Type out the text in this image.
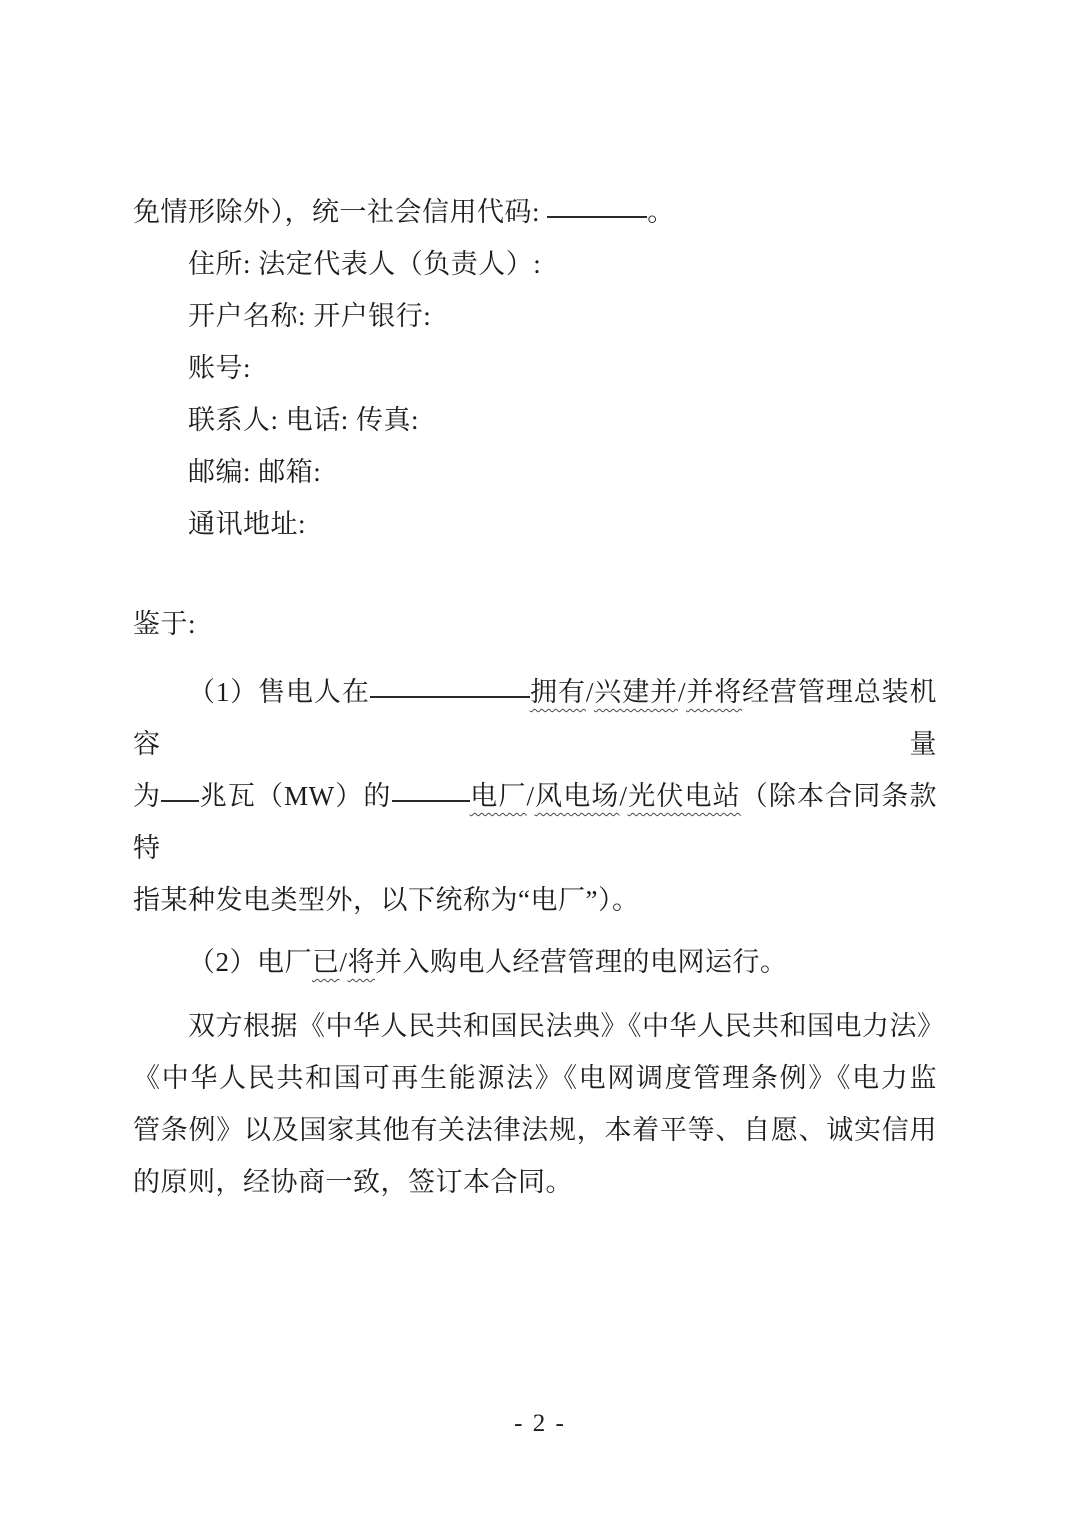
免情形除外），统一社会信用代码:	。
住所: 法定代表人（负责人）:
开户名称: 开户银行:
账号:
联系人: 电话: 传真:
邮编: 邮箱:
通讯地址:
鉴于:
（1）售电人在	拥有/兴建并/并将经营管理总装机容量
为 兆瓦（MW）的	电厂/风电场/光伏电站（除本合同条款特
指某种发电类型外，以下统称为“电厂”）。
（2）电厂已/将并入购电人经营管理的电网运行。
双方根据《中华人民共和国民法典》《中华人民共和国电力法》
《中华人民共和国可再生能源法》《电网调度管理条例》《电力监
管条例》以及国家其他有关法律法规，本着平等、自愿、诚实信用
的原则，经协商一致，签订本合同。
- 2 -
